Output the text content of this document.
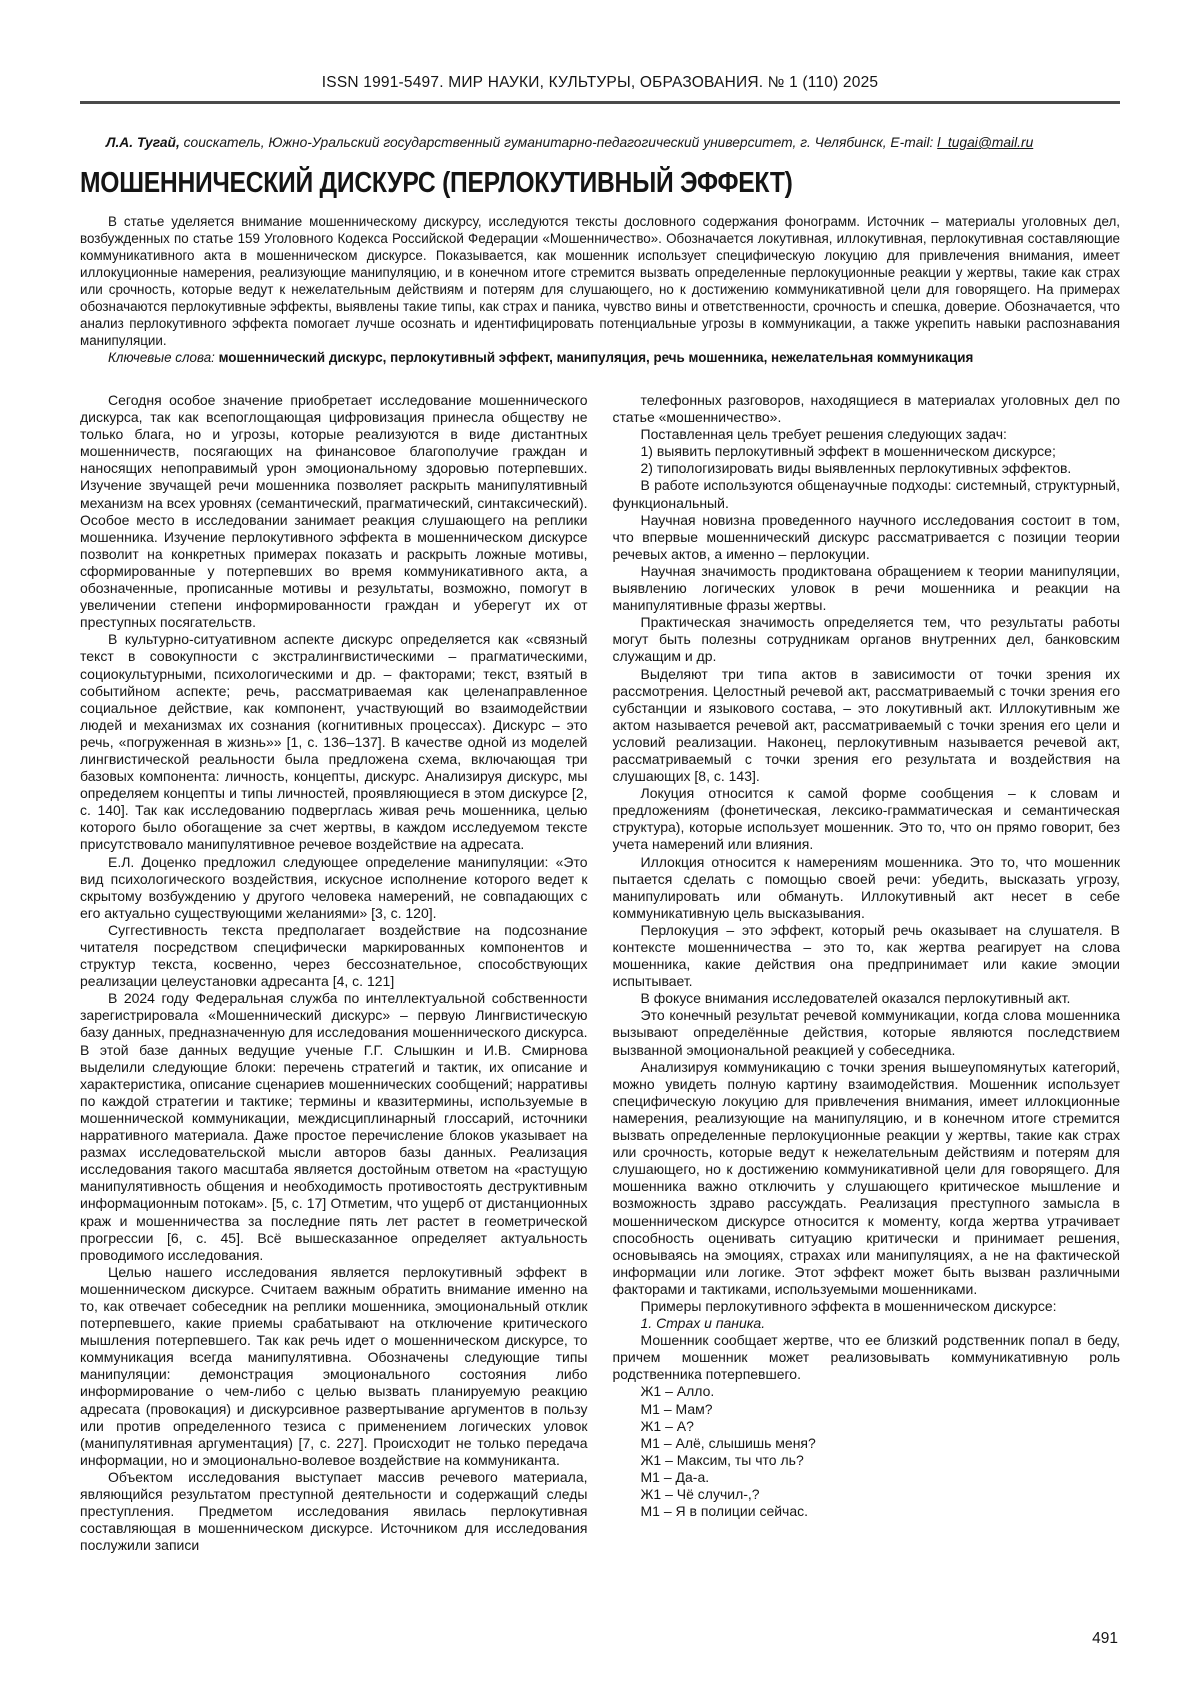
ISSN 1991-5497. МИР НАУКИ, КУЛЬТУРЫ, ОБРАЗОВАНИЯ. № 1 (110) 2025
Л.А. Тугай, соискатель, Южно-Уральский государственный гуманитарно-педагогический университет, г. Челябинск, E-mail: l_tugai@mail.ru
МОШЕННИЧЕСКИЙ ДИСКУРС (ПЕРЛОКУТИВНЫЙ ЭФФЕКТ)
В статье уделяется внимание мошенническому дискурсу, исследуются тексты дословного содержания фонограмм. Источник – материалы уголовных дел, возбужденных по статье 159 Уголовного Кодекса Российской Федерации «Мошенничество». Обозначается локутивная, иллокутивная, перлокутивная составляющие коммуникативного акта в мошенническом дискурсе. Показывается, как мошенник использует специфическую локуцию для привлечения внимания, имеет иллокуционные намерения, реализующие манипуляцию, и в конечном итоге стремится вызвать определенные перлокуционные реакции у жертвы, такие как страх или срочность, которые ведут к нежелательным действиям и потерям для слушающего, но к достижению коммуникативной цели для говорящего. На примерах обозначаются перлокутивные эффекты, выявлены такие типы, как страх и паника, чувство вины и ответственности, срочность и спешка, доверие. Обозначается, что анализ перлокутивного эффекта помогает лучше осознать и идентифицировать потенциальные угрозы в коммуникации, а также укрепить навыки распознавания манипуляции.

Ключевые слова: мошеннический дискурс, перлокутивный эффект, манипуляция, речь мошенника, нежелательная коммуникация

Сегодня особое значение приобретает исследование мошеннического дискурса, так как всепоглощающая цифровизация принесла обществу не только блага, но и угрозы, которые реализуются в виде дистантных мошенничеств, посягающих на финансовое благополучие граждан и наносящих непоправимый урон эмоциональному здоровью потерпевших. Изучение звучащей речи мошенника позволяет раскрыть манипулятивный механизм на всех уровнях (семантический, прагматический, синтаксический). Особое место в исследовании занимает реакция слушающего на реплики мошенника. Изучение перлокутивного эффекта в мошенническом дискурсе позволит на конкретных примерах показать и раскрыть ложные мотивы, сформированные у потерпевших во время коммуникативного акта, а обозначенные, прописанные мотивы и результаты, возможно, помогут в увеличении степени информированности граждан и уберегут их от преступных посягательств.

В культурно-ситуативном аспекте дискурс определяется как «связный текст в совокупности с экстралингвистическими – прагматическими, социокультурными, психологическими и др. – факторами; текст, взятый в событийном аспекте; речь, рассматриваемая как целенаправленное социальное действие, как компонент, участвующий во взаимодействии людей и механизмах их сознания (когнитивных процессах). Дискурс – это речь, «погруженная в жизнь»» [1, с. 136–137]. В качестве одной из моделей лингвистической реальности была предложена схема, включающая три базовых компонента: личность, концепты, дискурс. Анализируя дискурс, мы определяем концепты и типы личностей, проявляющиеся в этом дискурсе [2, с. 140]. Так как исследованию подверглась живая речь мошенника, целью которого было обогащение за счет жертвы, в каждом исследуемом тексте присутствовало манипулятивное речевое воздействие на адресата.

Е.Л. Доценко предложил следующее определение манипуляции: «Это вид психологического воздействия, искусное исполнение которого ведет к скрытому возбуждению у другого человека намерений, не совпадающих с его актуально существующими желаниями» [3, с. 120].

Суггестивность текста предполагает воздействие на подсознание читателя посредством специфически маркированных компонентов и структур текста, косвенно, через бессознательное, способствующих реализации целеустановки адресанта [4, с. 121]

В 2024 году Федеральная служба по интеллектуальной собственности зарегистрировала «Мошеннический дискурс» – первую Лингвистическую базу данных, предназначенную для исследования мошеннического дискурса. В этой базе данных ведущие ученые Г.Г. Слышкин и И.В. Смирнова выделили следующие блоки: перечень стратегий и тактик, их описание и характеристика, описание сценариев мошеннических сообщений; нарративы по каждой стратегии и тактике; термины и квазитермины, используемые в мошеннической коммуникации, междисциплинарный глоссарий, источники нарративного материала. Даже простое перечисление блоков указывает на размах исследовательской мысли авторов базы данных. Реализация исследования такого масштаба является достойным ответом на «растущую манипулятивность общения и необходимость противостоять деструктивным информационным потокам». [5, с. 17] Отметим, что ущерб от дистанционных краж и мошенничества за последние пять лет растет в геометрической прогрессии [6, с. 45]. Всё вышесказанное определяет актуальность проводимого исследования.

Целью нашего исследования является перлокутивный эффект в мошенническом дискурсе. Считаем важным обратить внимание именно на то, как отвечает собеседник на реплики мошенника, эмоциональный отклик потерпевшего, какие приемы срабатывают на отключение критического мышления потерпевшего. Так как речь идет о мошенническом дискурсе, то коммуникация всегда манипулятивна. Обозначены следующие типы манипуляции: демонстрация эмоционального состояния либо информирование о чем-либо с целью вызвать планируемую реакцию адресата (провокация) и дискурсивное развертывание аргументов в пользу или против определенного тезиса с применением логических уловок (манипулятивная аргументация) [7, с. 227]. Происходит не только передача информации, но и эмоционально-волевое воздействие на коммуниканта.

Объектом исследования выступает массив речевого материала, являющийся результатом преступной деятельности и содержащий следы преступления. Предметом исследования явилась перлокутивная составляющая в мошенническом дискурсе. Источником для исследования послужили записи

телефонных разговоров, находящиеся в материалах уголовных дел по статье «мошенничество».

Поставленная цель требует решения следующих задач:

1) выявить перлокутивный эффект в мошенническом дискурсе;

2) типологизировать виды выявленных перлокутивных эффектов.

В работе используются общенаучные подходы: системный, структурный, функциональный.

Научная новизна проведенного научного исследования состоит в том, что впервые мошеннический дискурс рассматривается с позиции теории речевых актов, а именно – перлокуции.

Научная значимость продиктована обращением к теории манипуляции, выявлению логических уловок в речи мошенника и реакции на манипулятивные фразы жертвы.

Практическая значимость определяется тем, что результаты работы могут быть полезны сотрудникам органов внутренних дел, банковским служащим и др.

Выделяют три типа актов в зависимости от точки зрения их рассмотрения. Целостный речевой акт, рассматриваемый с точки зрения его субстанции и языкового состава, – это локутивный акт. Иллокутивным же актом называется речевой акт, рассматриваемый с точки зрения его цели и условий реализации. Наконец, перлокутивным называется речевой акт, рассматриваемый с точки зрения его результата и воздействия на слушающих [8, с. 143].

Локуция относится к самой форме сообщения – к словам и предложениям (фонетическая, лексико-грамматическая и семантическая структура), которые использует мошенник. Это то, что он прямо говорит, без учета намерений или влияния.

Иллокция относится к намерениям мошенника. Это то, что мошенник пытается сделать с помощью своей речи: убедить, высказать угрозу, манипулировать или обмануть. Иллокутивный акт несет в себе коммуникативную цель высказывания.

Перлокуция – это эффект, который речь оказывает на слушателя. В контексте мошенничества – это то, как жертва реагирует на слова мошенника, какие действия она предпринимает или какие эмоции испытывает.

В фокусе внимания исследователей оказался перлокутивный акт.

Это конечный результат речевой коммуникации, когда слова мошенника вызывают определённые действия, которые являются последствием вызванной эмоциональной реакцией у собеседника.

Анализируя коммуникацию с точки зрения вышеупомянутых категорий, можно увидеть полную картину взаимодействия. Мошенник использует специфическую локуцию для привлечения внимания, имеет иллокционные намерения, реализующие на манипуляцию, и в конечном итоге стремится вызвать определенные перлокуционные реакции у жертвы, такие как страх или срочность, которые ведут к нежелательным действиям и потерям для слушающего, но к достижению коммуникативной цели для говорящего. Для мошенника важно отключить у слушающего критическое мышление и возможность здраво рассуждать. Реализация преступного замысла в мошенническом дискурсе относится к моменту, когда жертва утрачивает способность оценивать ситуацию критически и принимает решения, основываясь на эмоциях, страхах или манипуляциях, а не на фактической информации или логике. Этот эффект может быть вызван различными факторами и тактиками, используемыми мошенниками.

Примеры перлокутивного эффекта в мошенническом дискурсе:

1. Страх и паника.

Мошенник сообщает жертве, что ее близкий родственник попал в беду, причем мошенник может реализовывать коммуникативную роль родственника потерпевшего.

Ж1 – Алло.

М1 – Мам?

Ж1 – А?

М1 – Алё, слышишь меня?

Ж1 – Максим, ты что ль?

М1 – Да-а.

Ж1 – Чё случил-,?

М1 – Я в полиции сейчас.

491
